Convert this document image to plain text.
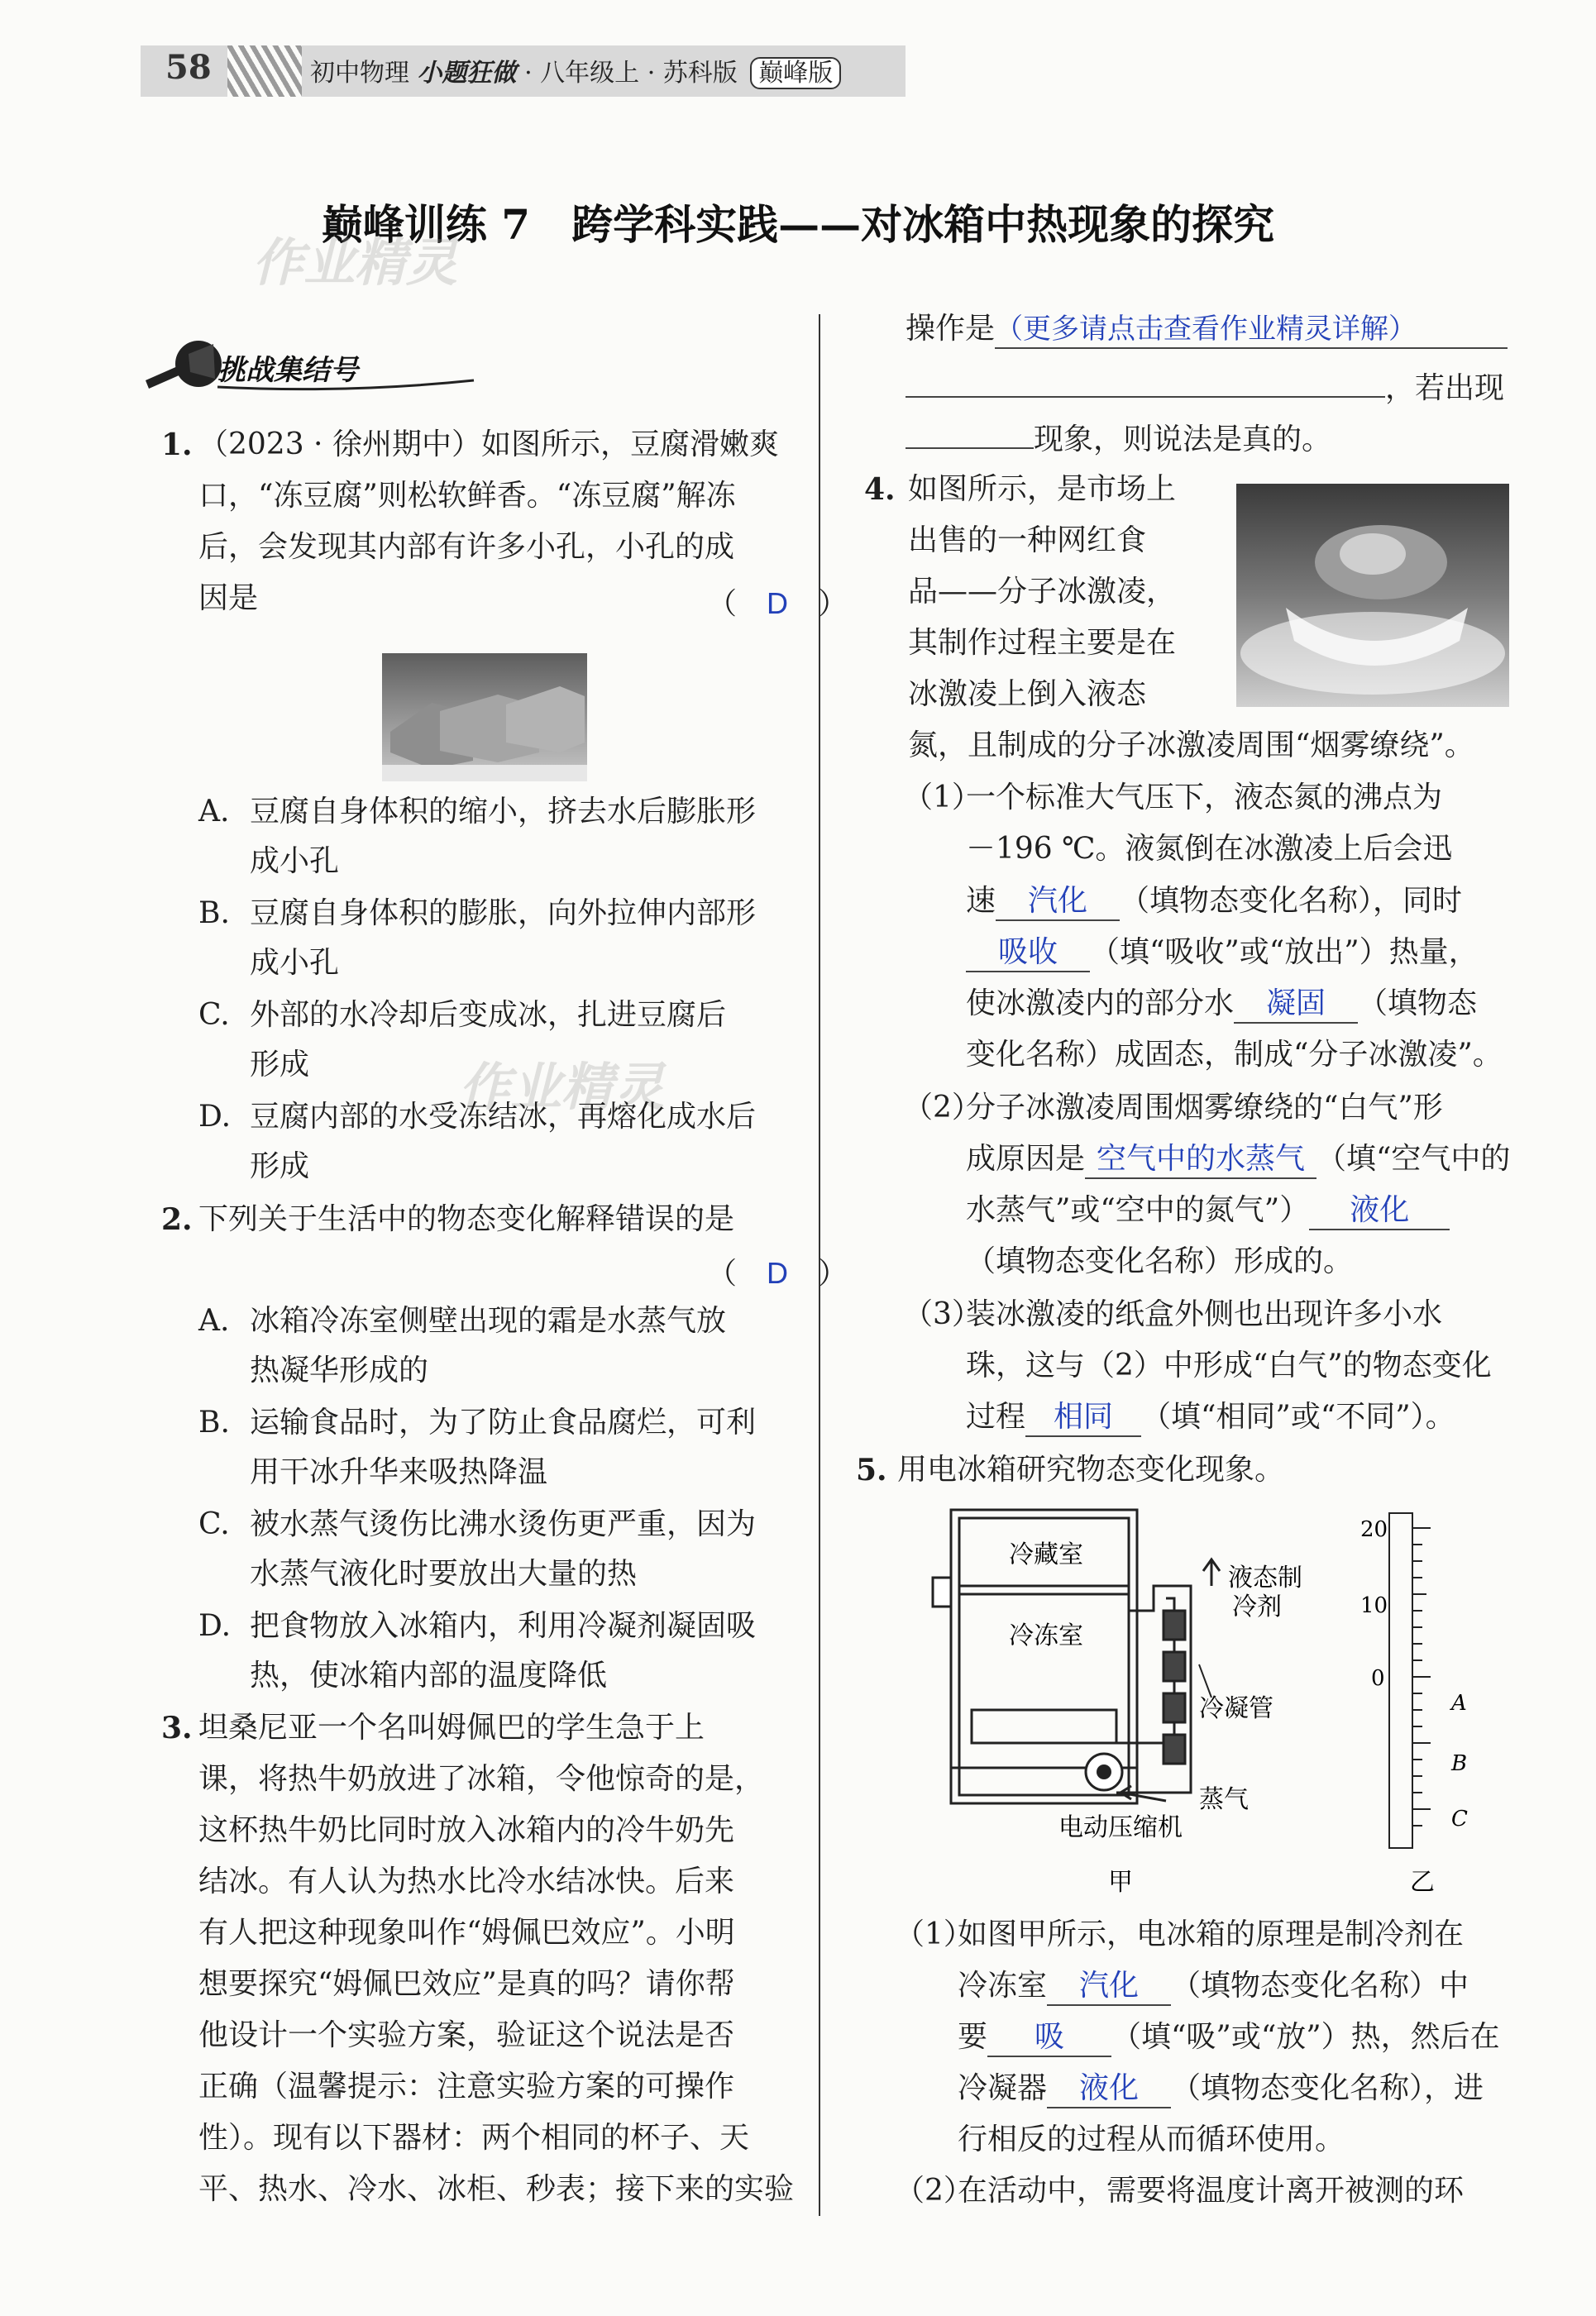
58	初中物理 小题狂做 · 八年级上 · 苏科版 巅峰版
巅峰训练 7　跨学科实践——对冰箱中热现象的探究
作业精灵
作业精灵
挑战集结号
1. （2023 · 徐州期中）如图所示，豆腐滑嫩爽
口，“冻豆腐”则松软鲜香。“冻豆腐”解冻
后，会发现其内部有许多小孔，小孔的成
因是	（　D　）
A. 豆腐自身体积的缩小，挤去水后膨胀形
成小孔
B. 豆腐自身体积的膨胀，向外拉伸内部形
成小孔
C. 外部的水冷却后变成冰，扎进豆腐后
形成
D. 豆腐内部的水受冻结冰，再熔化成水后
形成
2. 下列关于生活中的物态变化解释错误的是
（　D　）
A. 冰箱冷冻室侧壁出现的霜是水蒸气放
热凝华形成的
B. 运输食品时，为了防止食品腐烂，可利
用干冰升华来吸热降温
C. 被水蒸气烫伤比沸水烫伤更严重，因为
水蒸气液化时要放出大量的热
D. 把食物放入冰箱内，利用冷凝剂凝固吸
热，使冰箱内部的温度降低
3. 坦桑尼亚一个名叫姆佩巴的学生急于上
课，将热牛奶放进了冰箱，令他惊奇的是，
这杯热牛奶比同时放入冰箱内的冷牛奶先
结冰。有人认为热水比冷水结冰快。后来
有人把这种现象叫作“姆佩巴效应”。小明
想要探究“姆佩巴效应”是真的吗？请你帮
他设计一个实验方案，验证这个说法是否
正确（温馨提示：注意实验方案的可操作
性）。现有以下器材：两个相同的杯子、天
平、热水、冷水、冰柜、秒表；接下来的实验
操作是（更多请点击查看作业精灵详解）
，若出现
现象，则说法是真的。
4. 如图所示，是市场上
出售的一种网红食
品——分子冰激凌，
其制作过程主要是在
冰激凌上倒入液态
氮，且制成的分子冰激凌周围“烟雾缭绕”。
（1）
一个标准大气压下，液态氮的沸点为
－196 ℃。液氮倒在冰激凌上后会迅
速 汽化 （填物态变化名称），同时
吸收 （填“吸收”或“放出”）热量，
使冰激凌内的部分水 凝固 （填物态
变化名称）成固态，制成“分子冰激凌”。
（2）
分子冰激凌周围烟雾缭绕的“白气”形
成原因是 空气中的水蒸气 （填“空气中的
水蒸气”或“空中的氮气”） 液化
（填物态变化名称）形成的。
（3）
装冰激凌的纸盒外侧也出现许多小水
珠，这与（2）中形成“白气”的物态变化
过程 相同 （填“相同”或“不同”）。
5. 用电冰箱研究物态变化现象。
冷藏室
冷冻室
液态制
冷剂
冷凝管
蒸气
电动压缩机
甲
20
10
0
A
B
C
乙
（1）
如图甲所示，电冰箱的原理是制冷剂在
冷冻室 汽化 （填物态变化名称）中
要 吸 （填“吸”或“放”）热，然后在
冷凝器 液化 （填物态变化名称），进
行相反的过程从而循环使用。
（2）
在活动中，需要将温度计离开被测的环
